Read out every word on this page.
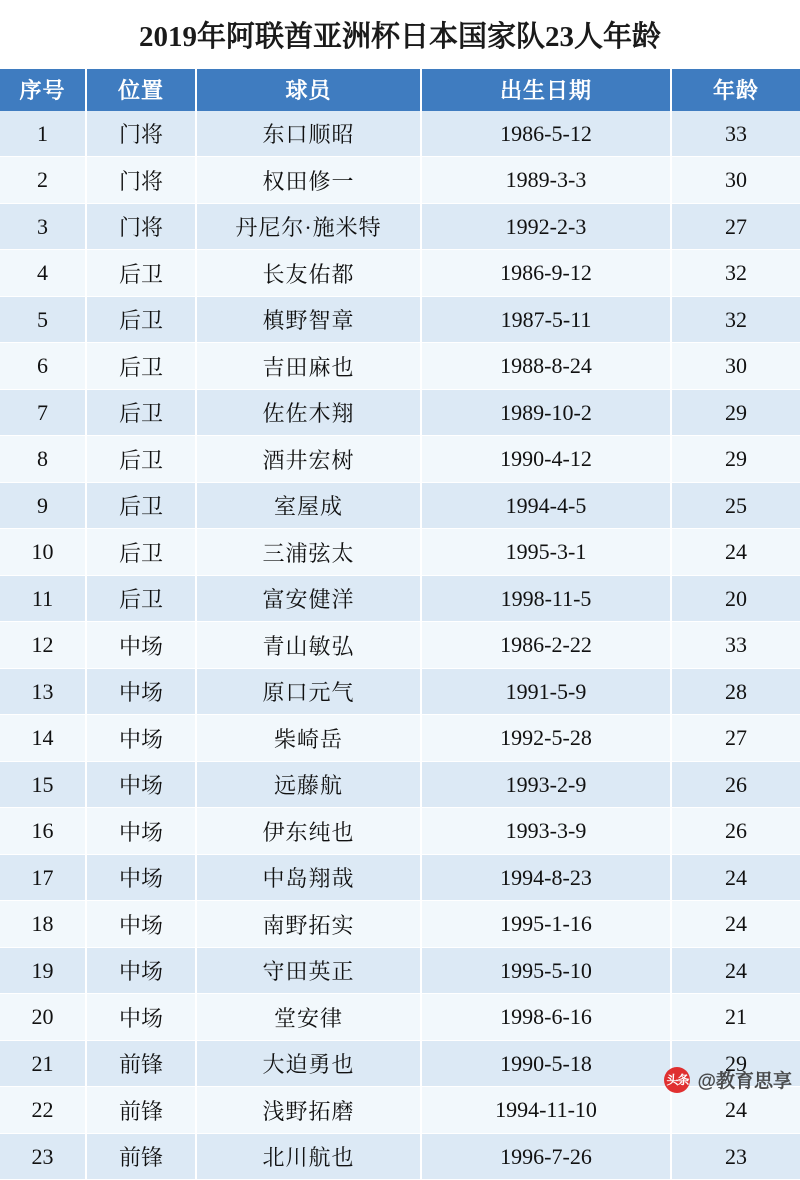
2019年阿联酋亚洲杯日本国家队23人年龄
序号	位置	球员	出生日期	年龄
1	门将	东口顺昭	1986-5-12	33
2	门将	权田修一	1989-3-3	30
3	门将	丹尼尔·施米特	1992-2-3	27
4	后卫	长友佑都	1986-9-12	32
5	后卫	槙野智章	1987-5-11	32
6	后卫	吉田麻也	1988-8-24	30
7	后卫	佐佐木翔	1989-10-2	29
8	后卫	酒井宏树	1990-4-12	29
9	后卫	室屋成	1994-4-5	25
10	后卫	三浦弦太	1995-3-1	24
11	后卫	富安健洋	1998-11-5	20
12	中场	青山敏弘	1986-2-22	33
13	中场	原口元气	1991-5-9	28
14	中场	柴崎岳	1992-5-28	27
15	中场	远藤航	1993-2-9	26
16	中场	伊东纯也	1993-3-9	26
17	中场	中岛翔哉	1994-8-23	24
18	中场	南野拓实	1995-1-16	24
19	中场	守田英正	1995-5-10	24
20	中场	堂安律	1998-6-16	21
21	前锋	大迫勇也	1990-5-18	29
22	前锋	浅野拓磨	1994-11-10	24
23	前锋	北川航也	1996-7-26	23
头条 @教育思享
